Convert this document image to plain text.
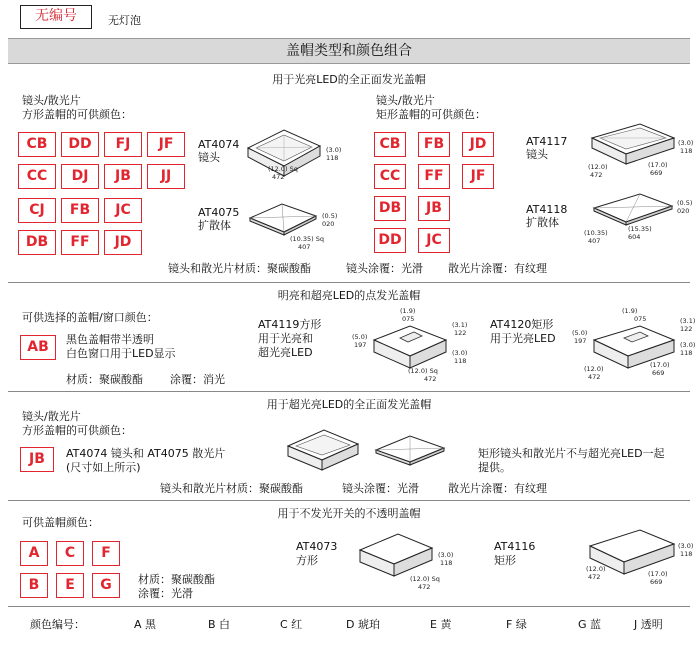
无编号	无灯泡
盖帽类型和颜色组合
用于光亮LED的全正面发光盖帽
镜头/散光片
方形盖帽的可供颜色：
CB	DD	FJ	JF
CC	DJ	JB	JJ
CJ	FB	JC
DB	FF	JD
AT4074
镜头
(3.0)
118
(12.0) Sq
472
AT4075
扩散体
(0.5)
020
(10.35) Sq
407
镜头/散光片
矩形盖帽的可供颜色：
CB	FB	JD
CC	FF	JF
DB	JB
DD	JC
AT4117
镜头
(3.0)
118
(12.0)
472
(17.0)
669
AT4118
扩散体
(0.5)
020
(10.35)
407
(15.35)
604
镜头和散光片材质：聚碳酸酯	镜头涂覆：光滑 散光片涂覆：有纹理
明亮和超亮LED的点发光盖帽
可供选择的盖帽/窗口颜色：
AB	黑色盖帽带半透明
白色窗口用于LED显示
材质：聚碳酸酯 涂覆：消光
AT4119方形
用于光亮和
超光亮LED
(1.9)
075
(3.1)
122
(5.0)
197
(3.0)
118
(12.0) Sq
472
AT4120矩形
用于光亮LED
(1.9)
075	(3.1)
122
(5.0)
197	(3.0)
118
(12.0)
472
(17.0)
669
用于超光亮LED的全正面发光盖帽
镜头/散光片
方形盖帽的可供颜色：
JB	AT4074 镜头和 AT4075 散光片
(尺寸如上所示)
矩形镜头和散光片不与超光亮LED一起
提供。
镜头和散光片材质：聚碳酸酯	镜头涂覆：光滑	散光片涂覆：有纹理
用于不发光开关的不透明盖帽
可供盖帽颜色：
A	C	F
B	E	G	材质：聚碳酸酯
涂覆：光滑
AT4073
方形	(3.0)
118
(12.0) Sq
472
AT4116
矩形
(3.0)
118
(12.0)
472	(17.0)
669
颜色编号：	A 黑	B 白	C 红	D 琥珀	E 黄	F 绿	G 蓝	J 透明
